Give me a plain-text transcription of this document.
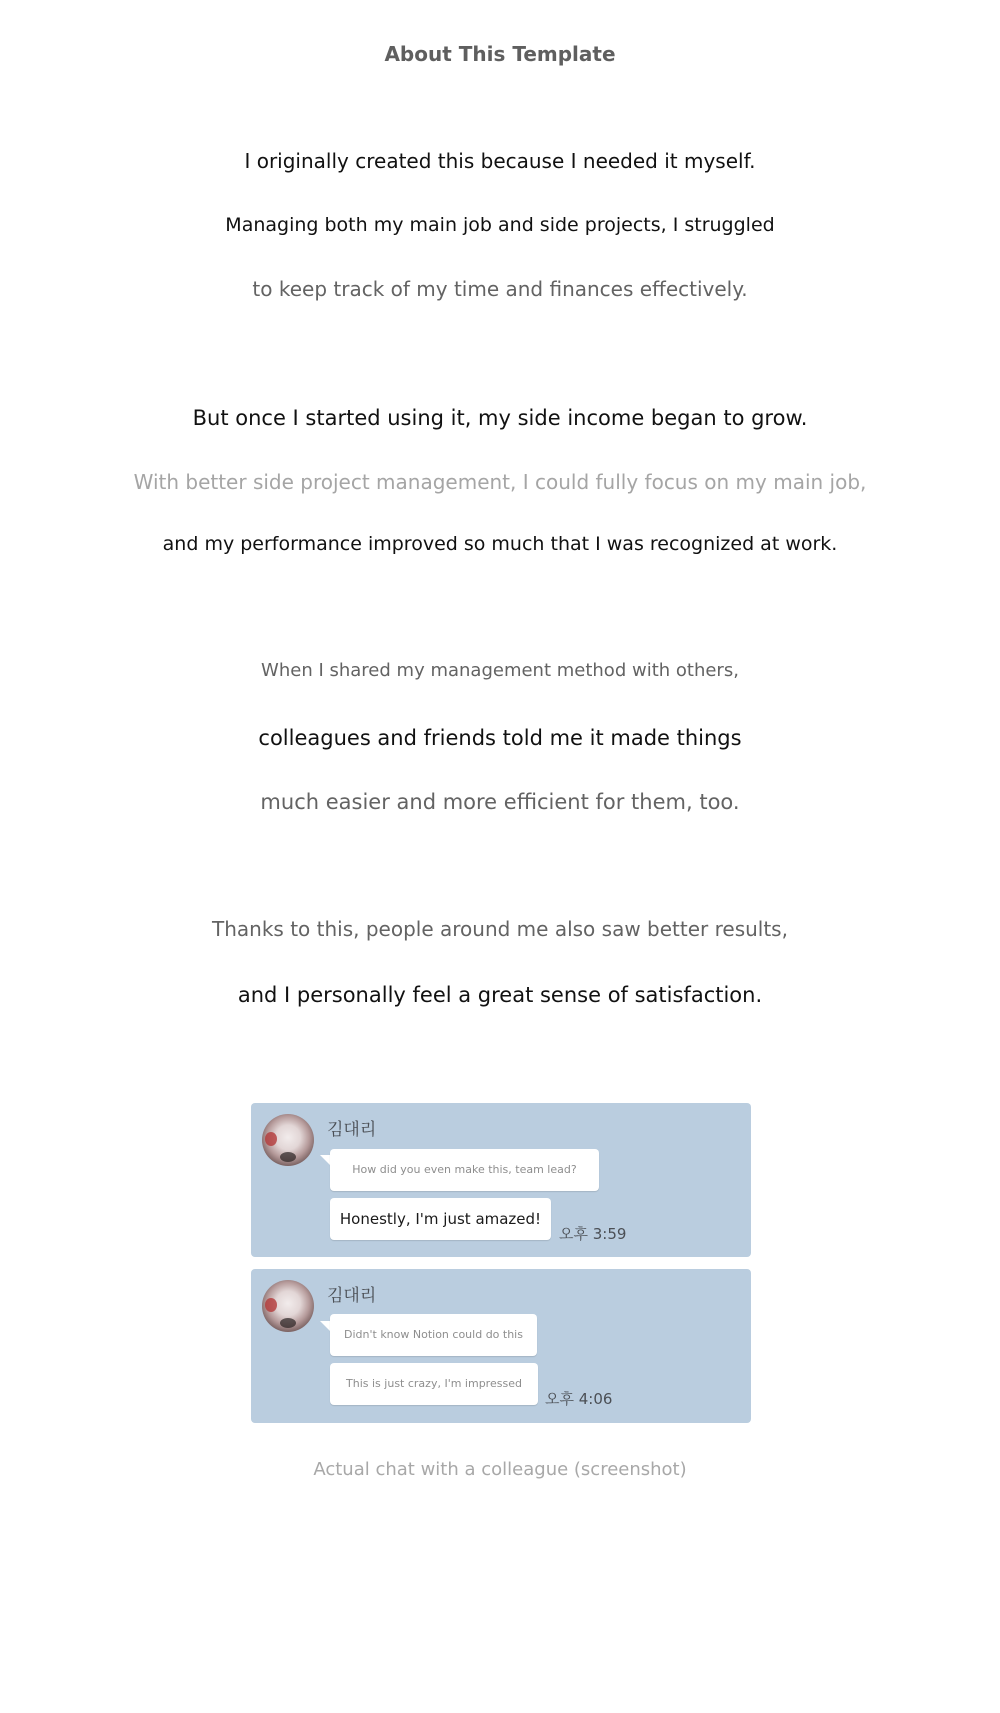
About This Template
I originally created this because I needed it myself.
Managing both my main job and side projects, I struggled
to keep track of my time and finances effectively.
But once I started using it, my side income began to grow.
With better side project management, I could fully focus on my main job,
and my performance improved so much that I was recognized at work.
When I shared my management method with others,
colleagues and friends told me it made things
much easier and more efficient for them, too.
Thanks to this, people around me also saw better results,
and I personally feel a great sense of satisfaction.
김대리
How did you even make this, team lead?
Honestly, I'm just amazed!
오후 3:59
김대리
Didn't know Notion could do this
This is just crazy, I'm impressed
오후 4:06
Actual chat with a colleague (screenshot)
